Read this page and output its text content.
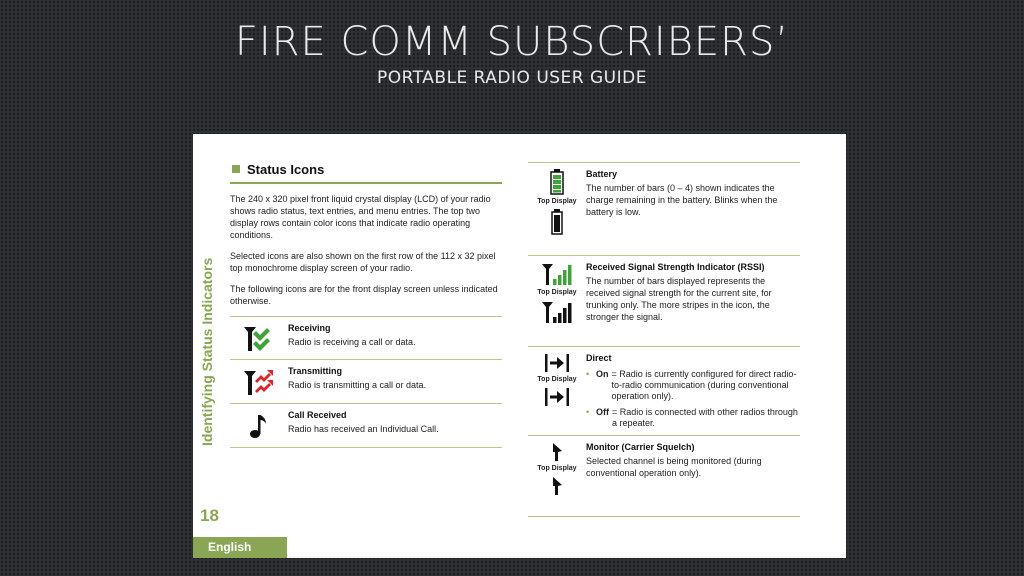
FIRE COMM SUBSCRIBERS’
PORTABLE RADIO USER GUIDE
Identifying Status Indicators
18
English
Status Icons

The 240 x 320 pixel front liquid crystal display (LCD) of your radio shows radio status, text entries, and menu entries. The top two display rows contain color icons that indicate radio operating conditions.

Selected icons are also shown on the first row of the 112 x 32 pixel top monochrome display screen of your radio.

The following icons are for the front display screen unless indicated otherwise.

Receiving
Radio is receiving a call or data.
Transmitting
Radio is transmitting a call or data.
Call Received
Radio has received an Individual Call.
Top Display
Battery
The number of bars (0 – 4) shown indicates the charge remaining in the battery. Blinks when the battery is low.
Top Display
Received Signal Strength Indicator (RSSI)
The number of bars displayed represents the received signal strength for the current site, for trunking only. The more stripes in the icon, the stronger the signal.
Top Display
Direct
• On = Radio is currently configured for direct radio-to-radio communication (during conventional operation only).
• Off = Radio is connected with other radios through a repeater.
Top Display
Monitor (Carrier Squelch)
Selected channel is being monitored (during conventional operation only).
